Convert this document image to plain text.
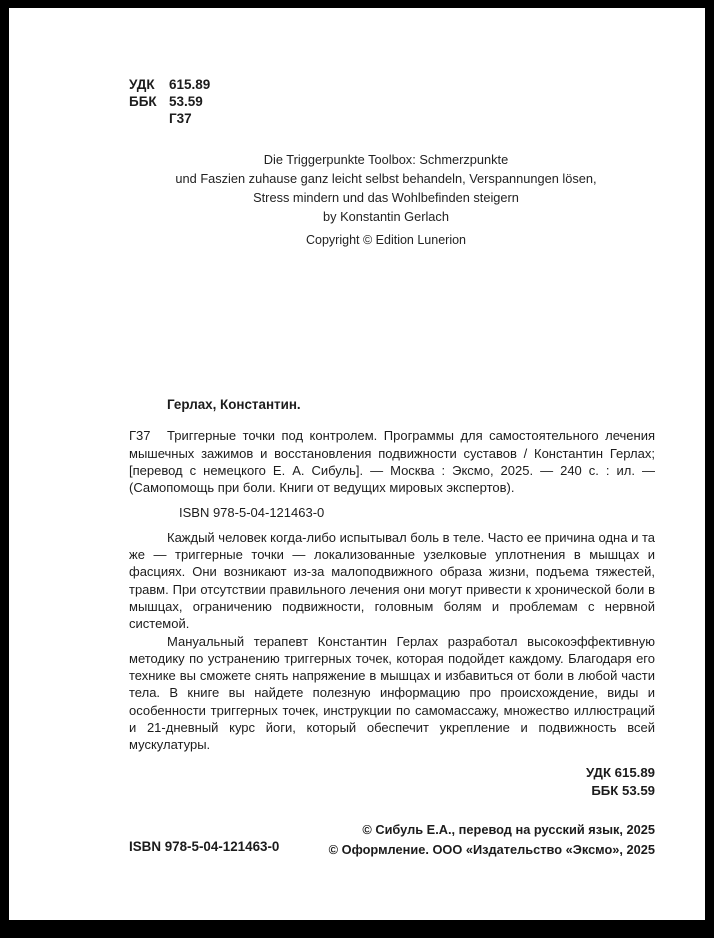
УДК	615.89
ББК 53.59
Г37
Die Triggerpunkte Toolbox: Schmerzpunkte
und Faszien zuhause ganz leicht selbst behandeln, Verspannungen lösen,
Stress mindern und das Wohlbefinden steigern
by Konstantin Gerlach
Copyright © Edition Lunerion
Герлах, Константин.
Г37 Триггерные точки под контролем. Программы для самостоятельного лечения мышечных зажимов и восстановления подвижности суставов / Константин Герлах; [перевод с немецкого Е. А. Сибуль]. — Москва : Эксмо, 2025. — 240 с. : ил. — (Самопомощь при боли. Книги от ведущих мировых экспертов).
ISBN 978-5-04-121463-0
Каждый человек когда-либо испытывал боль в теле. Часто ее причина одна и та же — триггерные точки — локализованные узелковые уплотнения в мышцах и фасциях. Они возникают из-за малоподвижного образа жизни, подъема тяжестей, травм. При отсутствии правильного лечения они могут привести к хронической боли в мышцах, ограничению подвижности, головным болям и проблемам с нервной системой.
Мануальный терапевт Константин Герлах разработал высокоэффективную методику по устранению триггерных точек, которая подойдет каждому. Благодаря его технике вы сможете снять напряжение в мышцах и избавиться от боли в любой части тела. В книге вы найдете полезную информацию про происхождение, виды и особенности триггерных точек, инструкции по самомассажу, множество иллюстраций и 21-дневный курс йоги, который обеспечит укрепление и подвижность всей мускулатуры.
УДК 615.89
ББК 53.59
ISBN 978-5-04-121463-0
© Сибуль Е.А., перевод на русский язык, 2025
© Оформление. ООО «Издательство «Эксмо», 2025
